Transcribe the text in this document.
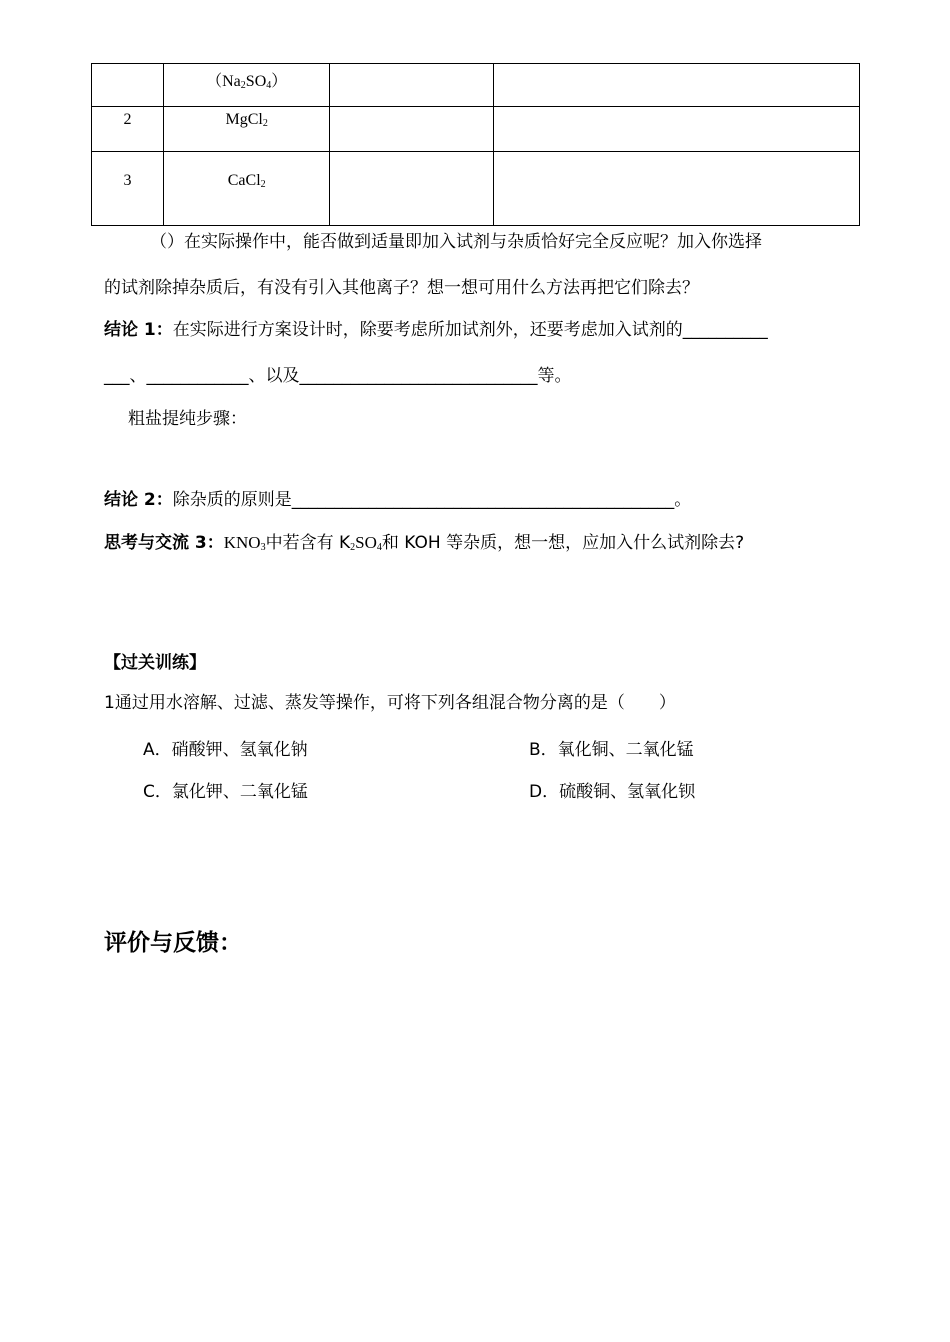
	$(Na_2SO_4)$		

2	MgCl$_2$

3	CaCl$_2$

（）在实际操作中，能否做到适量即加入试剂与杂质恰好完全反应呢？加入你选择
的试剂除掉杂质后，有没有引入其他离子？想一想可用什么方法再把它们除去？
结论 1：在实际进行方案设计时，除要考虑所加试剂外，还要考虑加入试剂的__________
___、____________、以及____________________________等。
粗盐提纯步骤：
结论 2：除杂质的原则是_____________________________________________。
思考与交流 3：$KNO_3$中若含有 $K_2SO_4$和 KOH 等杂质，想一想，应加入什么试剂除去?
【过关训练】
1通过用水溶解、过滤、蒸发等操作，可将下列各组混合物分离的是（　　）
A．硝酸钾、氢氧化钠	B．氧化铜、二氧化锰
C．氯化钾、二氧化锰	D．硫酸铜、氢氧化钡
评价与反馈：
